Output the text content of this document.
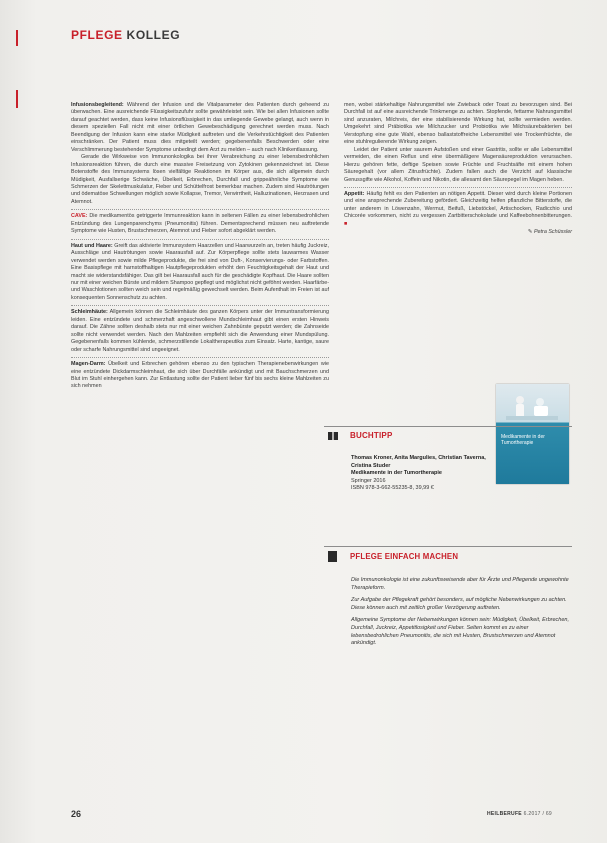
PFLEGE KOLLEG

Infusionsbegleitend: Während der Infusion und die Vitalparameter des Patienten durch geheend zu überwachen. Eine ausreichende Flüssigkeitszufuhr sollte gewährleistet sein. Wie bei allen Infusionen sollte darauf geachtet werden, dass keine Infusionsflüssigkeit in das umliegende Gewebe gelangt, auch wenn in diesem speziellen Fall nicht mit einer örtlichen Gewebeschädigung gerechnet werden muss. Nach Beendigung der Infusion kann eine starke Müdigkeit auftreten und die Verkehrstüchtigkeit des Patienten einschränken. Der Patient muss dies mitgeteilt werden; gegebenenfalls Beschwerden oder eine Verschlimmerung bestehender Symptome unbedingt dem Arzt zu melden – auch nach Klinikentlassung.

Gerade die Wirkweise von Immunonkologika bei ihrer Verabreichung zu einer lebensbedrohlichen Infusionsreaktion führen, die durch eine massive Freisetzung von Zytokinen gekennzeichnet ist. Diese Botenstoffe des Immunsystems lösen vielfältige Reaktionen im Körper aus, die sich allgemein durch Müdigkeit, Ausfallserige Schwäche, Übelkeit, Erbrechen, Durchfall und grippeähnliche Symptome wie Schmerzen der Skelettmuskulatur, Fieber und Schüttelfrost bemerkbar machen. Zudem sind Hautrötungen und ödematöse Schwellungen möglich sowie Kollapse, Tremor, Verwirrtheit, Halluzinationen, Herzrasen und Atemnot.

CAVE: Die medikamentös getriggerte Immunreaktion kann in seltenen Fällen zu einer lebensbedrohlichen Entzündung des Lungenparenchyms (Pneumonitis) führen. Dementsprechend müssen neu auftretende Symptome wie Husten, Brustschmerzen, Atemnot und Fieber sofort abgeklärt werden.

Haut und Haare: Greift das aktivierte Immunsystem Haarzellen und Haarwurzeln an, treten häufig Juckreiz, Ausschläge und Hautrötungen sowie Haarausfall auf. Zur Körperpflege sollte stets lauwarmes Wasser verwendet werden sowie milde Pflegeprodukte, die frei sind von Duft-, Konservierungs- oder Farbstoffen. Eine Basispflege mit harnstoffhaltigen Hautpflegeprodukten erhöht den Feuchtigkeitsgehalt der Haut und macht sie widerstandsfähiger. Das gilt bei Haarausfall auch für die geschädigte Kopfhaut. Die Haare sollten nur mit einer weichen Bürste und mildem Shampoo gepflegt und möglichst nicht geföhnt werden. Haarfärbe- und Waschlotionen sollten weich sein und regelmäßig gewechselt werden. Beim Aufenthalt im Freien ist auf konsequenten Sonnenschutz zu achten.

Schleimhäute: Allgemein können die Schleimhäute des ganzen Körpers unter der Immuntransformierung leiden. Eine entzündete und schmerzhaft angeschwollene Mundschleimhaut gibt einen ersten Hinweis darauf. Die Zähne sollten deshalb stets nur mit einer weichen Zahnbürste geputzt werden; die Zahnseide sollte nicht verwendet werden. Nach den Mahlzeiten empfiehlt sich die Anwendung einer Mundspülung. Gegebenenfalls kommen kühlende, schmerzstillende Lokaltherapeutika zum Einsatz. Harte, kantige, saure oder scharfe Nahrungsmittel sind ungeeignet.

Magen-Darm: Übelkeit und Erbrechen gehören ebenso zu den typischen Therapienebenwirkungen wie eine entzündete Dickdarmschleimhaut, die sich über Durchfälle ankündigt und mit Bauchschmerzen und Blut im Stuhl einhergehen kann. Zur Entlastung sollte der Patient lieber fünf bis sechs kleine Mahlzeiten zu sich nehmen

men, wobei stärkehaltige Nahrungsmittel wie Zwieback oder Toast zu bevorzugen sind. Bei Durchfall ist auf eine ausreichende Trinkmenge zu achten. Stopfende, fettarme Nahrungsmittel sind anzuraten, Milchreis, der eine stabilisierende Wirkung hat, sollte vermieden werden. Umgekehrt sind Präbiotika wie Milchzucker und Probiotika wie Milchsäurebakterien bei Verstopfung eine gute Wahl, ebenso ballaststoffreiche Lebensmittel wie Trockenfrüchte, die eine stuhlregulierende Wirkung zeigen.

Leidet der Patient unter saurem Aufstoßen und einer Gastritis, sollte er alle Lebensmittel vermeiden, die einen Reflux und eine übermäßigere Magensäureproduktion verursachen. Hierzu gehören fette, deftige Speisen sowie Früchte und Fruchtsäfte mit einem hohen Säuregehalt (vor allem Zitrusfrüchte). Zudem fallen auch die Verzicht auf klassische Genussgifte wie Alkohol, Koffein und Nikotin, die allesamt den Säurepegel im Magen heben.

Appetit: Häufig fehlt es den Patienten an nötigen Appetit. Dieser wird durch kleine Portionen und eine ansprechende Zubereitung gefördert. Gleichzeitig helfen pflanzliche Bitterstoffe, die unter anderem in Löwenzahn, Wermut, Beifuß, Liebstöckel, Artischocken, Radicchio und Chicorée vorkommen, nicht zu vergessen Zartbitterschokolade und Kaffeebohnenbitterungen. ■

✎ Petra Schüssler
Medikamente in der Tumortherapie
BUCHTIPP
Thomas Kroner, Anita Margulies, Christian Taverna, Cristina Studer
Medikamente in der Tumortherapie
Springer 2016
ISBN 978-3-662-55235-8, 39,99 €
PFLEGE EINFACH MACHEN

Die Immunonkologie ist eine zukunftsweisende aber für Ärzte und Pflegende ungewohnte Therapieform.

Zur Aufgabe der Pflegekraft gehört besonders, auf mögliche Nebenwirkungen zu achten. Diese können auch mit zeitlich großer Verzögerung auftreten.

Allgemeine Symptome der Nebenwirkungen können sein: Müdigkeit, Übelkeit, Erbrechen, Durchfall, Juckreiz, Appetitlosigkeit und Fieber. Selten kommt es zu einer lebensbedrohlichen Pneumonitis, die sich mit Husten, Brustschmerzen und Atemnot ankündigt.

26	HEILBERUFE 6.2017 / 69
